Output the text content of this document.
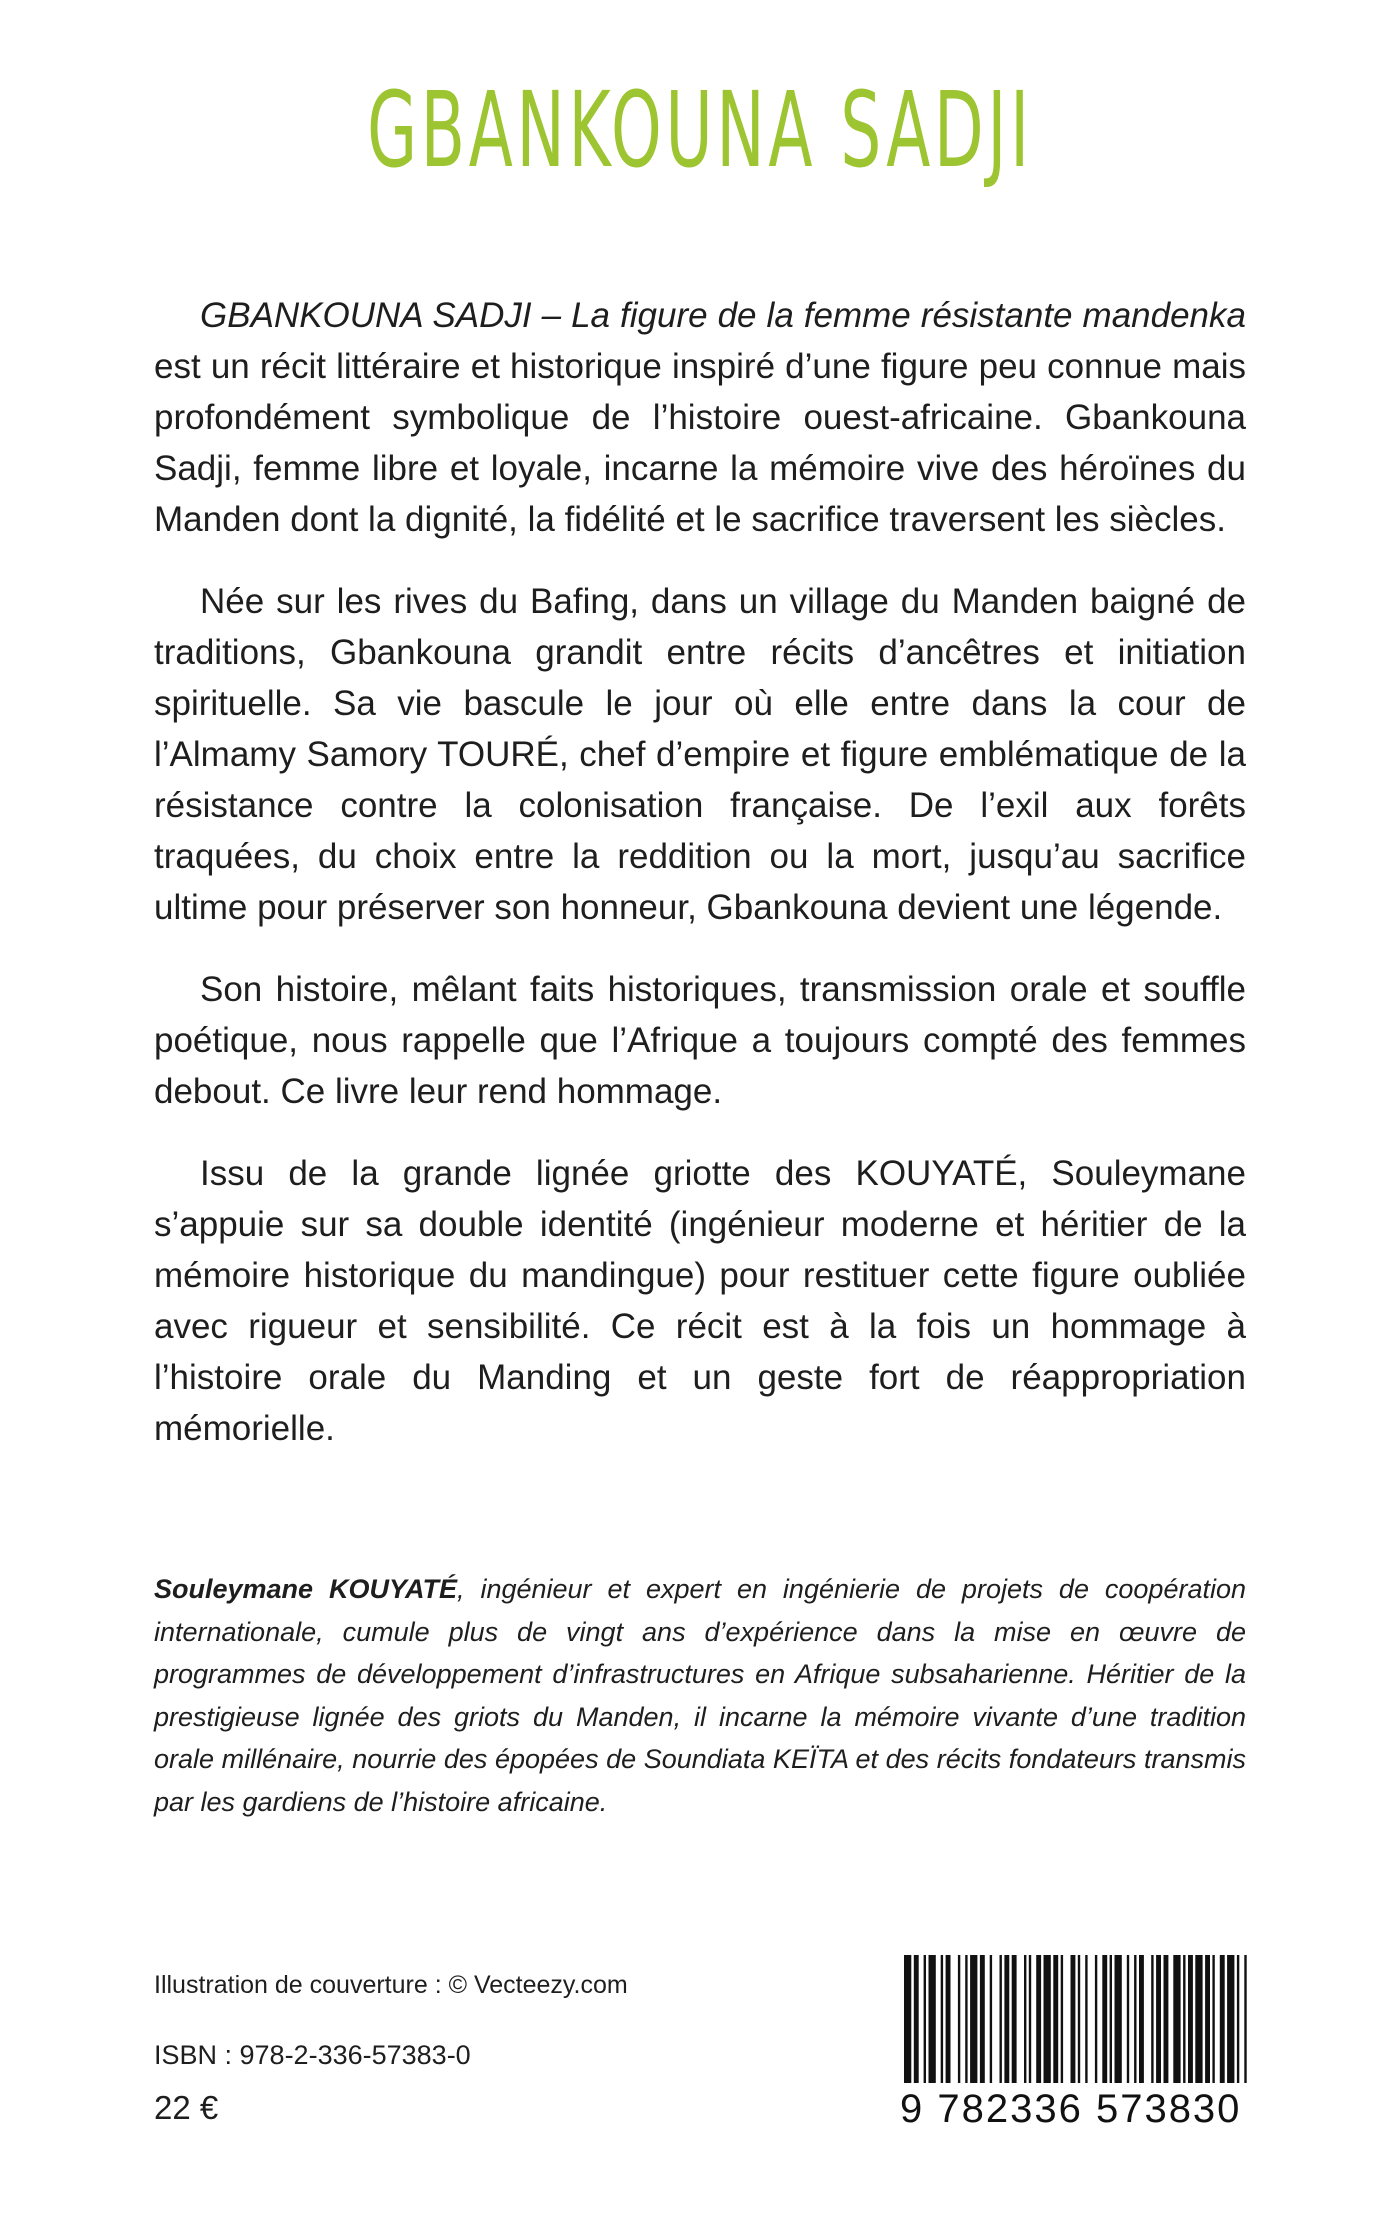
GBANKOUNA SADJI

GBANKOUNA SADJI – La figure de la femme résistante mandenka est un récit littéraire et historique inspiré d’une figure peu connue mais profondément symbolique de l’histoire ouest-africaine. Gbankouna Sadji, femme libre et loyale, incarne la mémoire vive des héroïnes du Manden dont la dignité, la fidélité et le sacrifice traversent les siècles.

Née sur les rives du Bafing, dans un village du Manden baigné de traditions, Gbankouna grandit entre récits d’ancêtres et initiation spirituelle. Sa vie bascule le jour où elle entre dans la cour de l’Almamy Samory TOURÉ, chef d’empire et figure emblématique de la résistance contre la colonisation française. De l’exil aux forêts traquées, du choix entre la reddition ou la mort, jusqu’au sacrifice ultime pour préserver son honneur, Gbankouna devient une légende.

Son histoire, mêlant faits historiques, transmission orale et souffle poétique, nous rappelle que l’Afrique a toujours compté des femmes debout. Ce livre leur rend hommage.

Issu de la grande lignée griotte des KOUYATÉ, Souleymane s’appuie sur sa double identité (ingénieur moderne et héritier de la mémoire historique du mandingue) pour restituer cette figure oubliée avec rigueur et sensibilité. Ce récit est à la fois un hommage à l’histoire orale du Manding et un geste fort de réappropriation mémorielle.

Souleymane KOUYATÉ, ingénieur et expert en ingénierie de projets de coopération internationale, cumule plus de vingt ans d’expérience dans la mise en œuvre de programmes de développement d’infrastructures en Afrique subsaharienne. Héritier de la prestigieuse lignée des griots du Manden, il incarne la mémoire vivante d’une tradition orale millénaire, nourrie des épopées de Soundiata KEÏTA et des récits fondateurs transmis par les gardiens de l’histoire africaine.
Illustration de couverture : © Vecteezy.com
ISBN : 978-2-336-57383-0
22 €	9 782336 573830
